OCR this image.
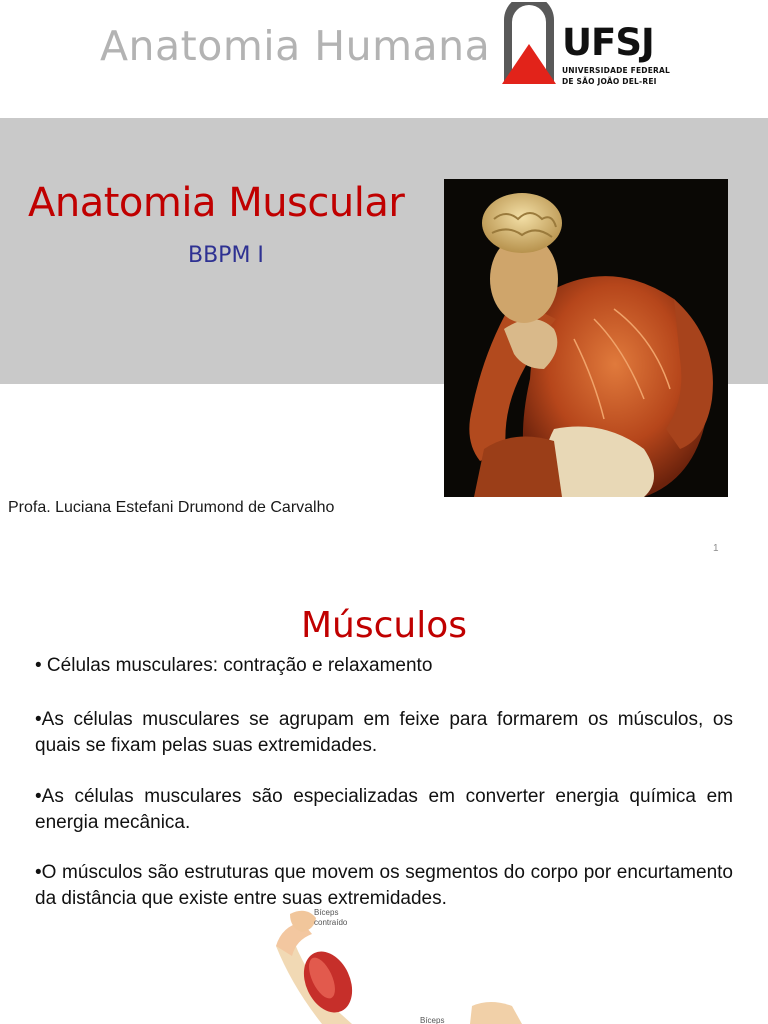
Anatomia Humana UFSJ
UNIVERSIDADE FEDERAL
DE SÃO JOÃO DEL-REI
Anatomia Muscular
BBPM I
Profa. Luciana Estefani Drumond de Carvalho
1
Músculos
• Células musculares: contração e relaxamento
•As células musculares se agrupam em feixe para formarem os músculos, os quais se fixam pelas suas extremidades.
•As células musculares são especializadas em converter energia química em energia mecânica.
•O músculos são estruturas que movem os segmentos do corpo por encurtamento da distância que existe entre suas extremidades.
Bíceps contraído
Bíceps
